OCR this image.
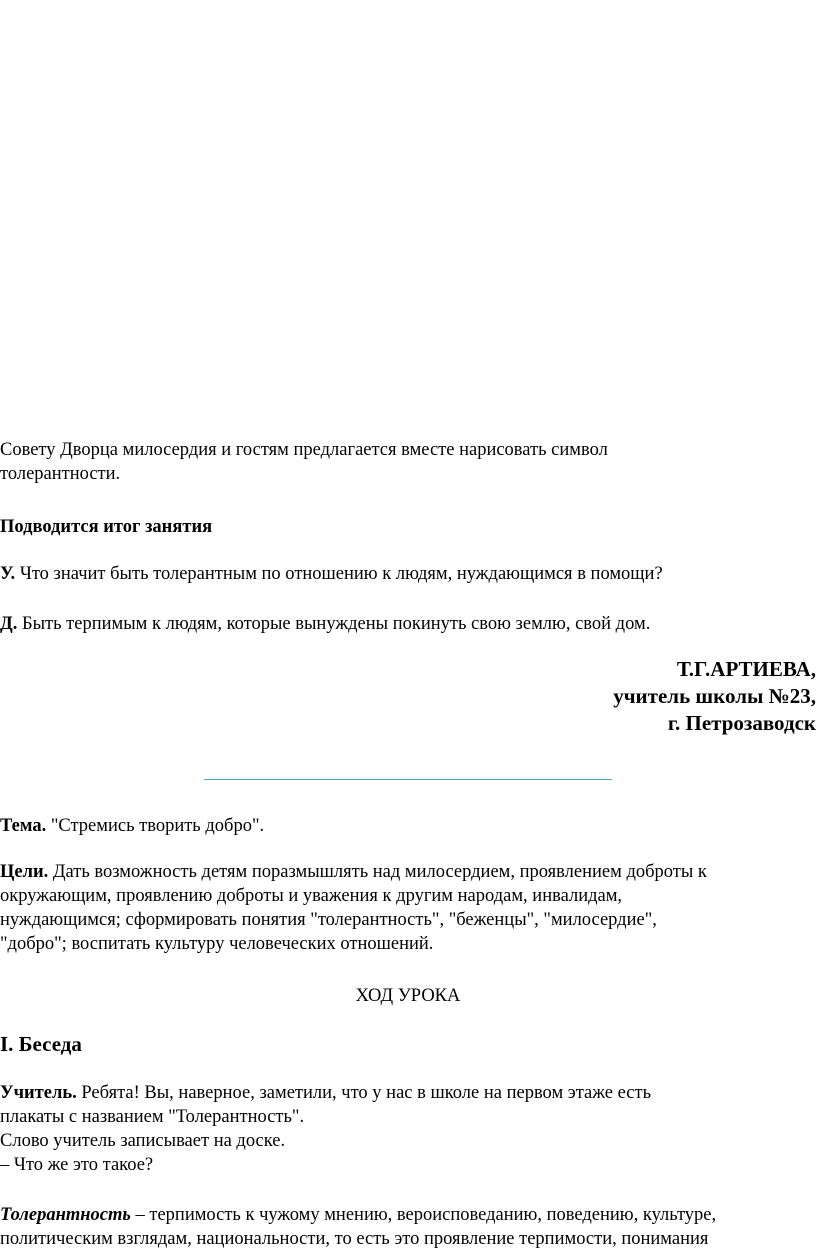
Совету Дворца милосердия и гостям предлагается вместе нарисовать символ
толерантности.

Подводится итог занятия

У. Что значит быть толерантным по отношению к людям, нуждающимся в помощи?

Д. Быть терпимым к людям, которые вынуждены покинуть свою землю, свой дом.

Т.Г.АРТИЕВА,
учитель школы №23,
г. Петрозаводск

Тема. "Стремись творить добро".

Цели. Дать возможность детям поразмышлять над милосердием, проявлением доброты к
окружающим, проявлению доброты и уважения к другим народам, инвалидам,
нуждающимся; сформировать понятия "толерантность", "беженцы", "милосердие",
"добро"; воспитать культуру человеческих отношений.

ХОД УРОКА

I. Беседа

Учитель. Ребята! Вы, наверное, заметили, что у нас в школе на первом этаже есть
плакаты с названием "Толерантность".
Слово учитель записывает на доске.
– Что же это такое?

Толерантность – терпимость к чужому мнению, вероисповеданию, поведению, культуре,
политическим взглядам, национальности, то есть это проявление терпимости, понимания
